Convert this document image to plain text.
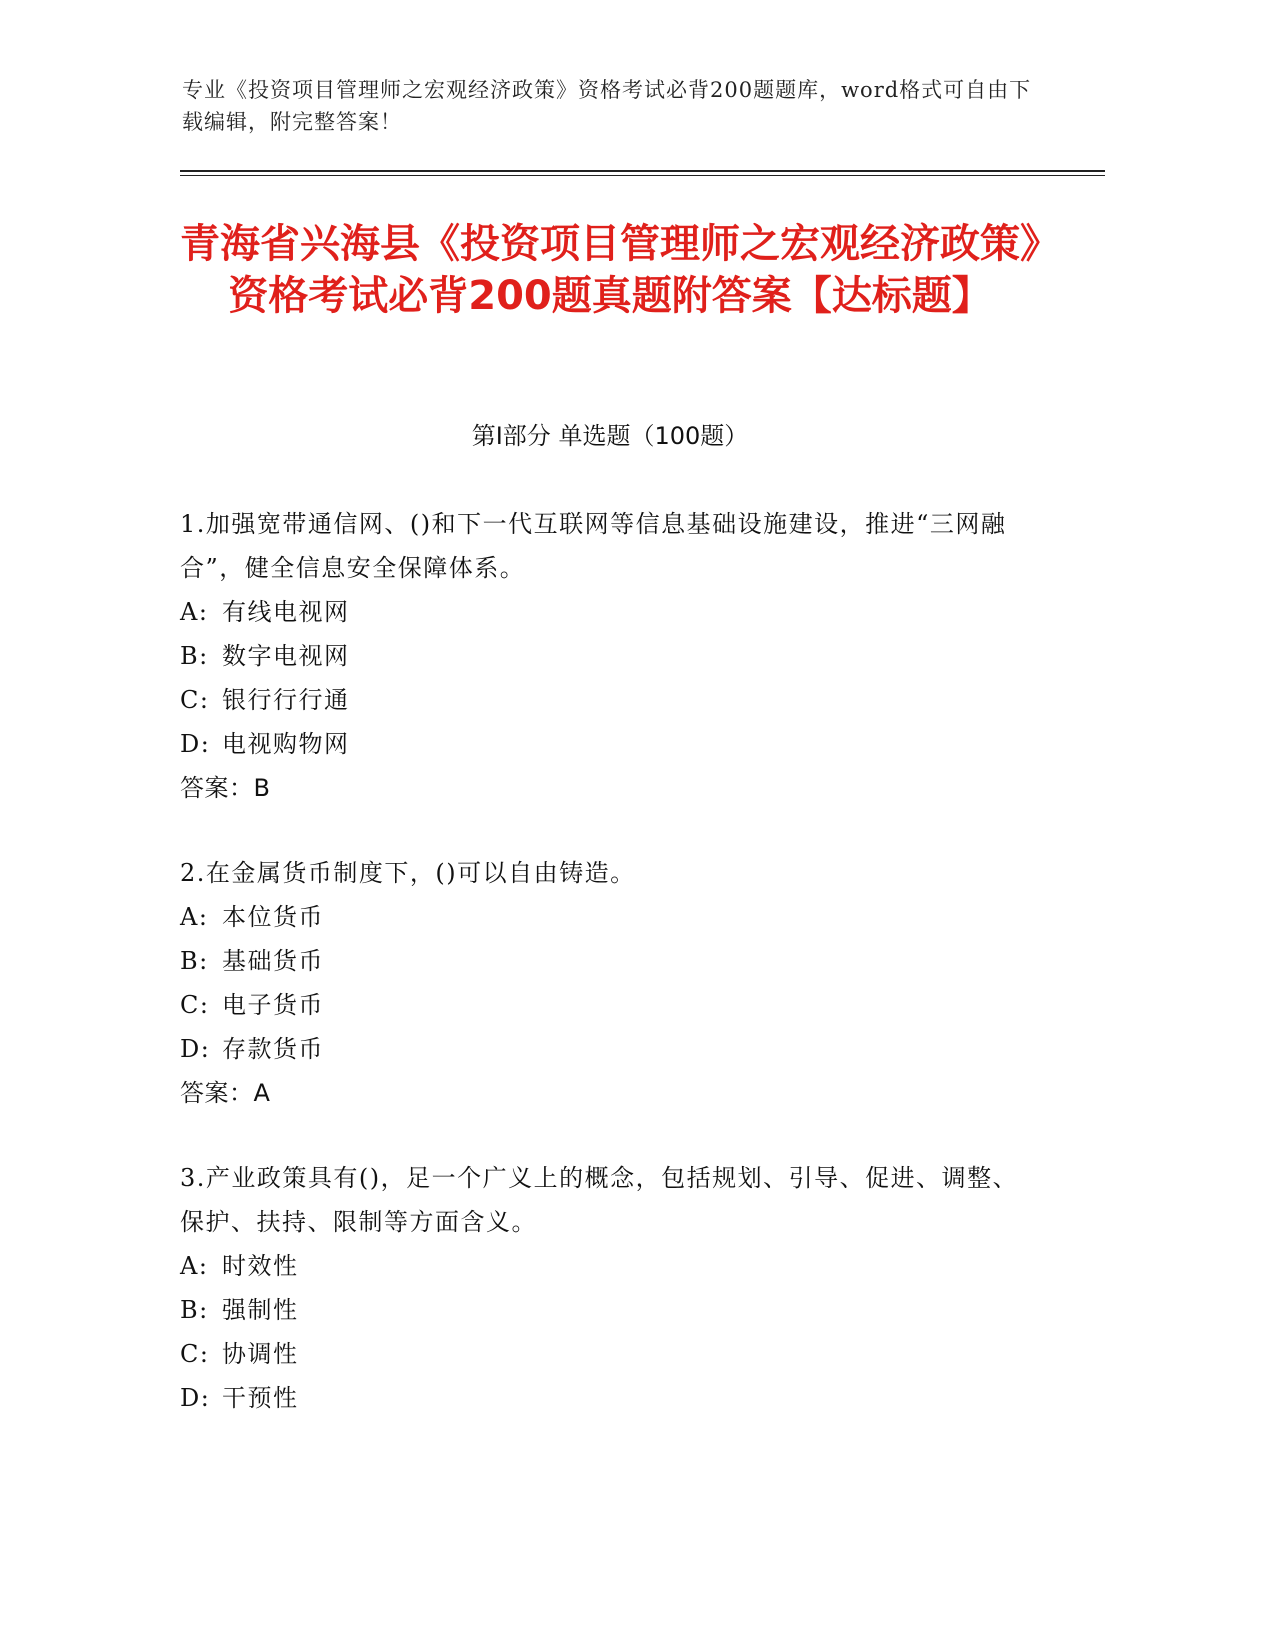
专业《投资项目管理师之宏观经济政策》资格考试必背200题题库，word格式可自由下载编辑，附完整答案！
青海省兴海县《投资项目管理师之宏观经济政策》资格考试必背200题真题附答案【达标题】
第Ⅰ部分 单选题（100题）

1.加强宽带通信网、()和下一代互联网等信息基础设施建设，推进“三网融合”，健全信息安全保障体系。

A: 有线电视网

B: 数字电视网

C: 银行行行通

D: 电视购物网

答案：B

2.在金属货币制度下，()可以自由铸造。

A: 本位货币

B: 基础货币

C: 电子货币

D: 存款货币

答案：A

3.产业政策具有()，足一个广义上的概念，包括规划、引导、促进、调整、保护、扶持、限制等方面含义。

A: 时效性

B: 强制性

C: 协调性

D: 干预性
